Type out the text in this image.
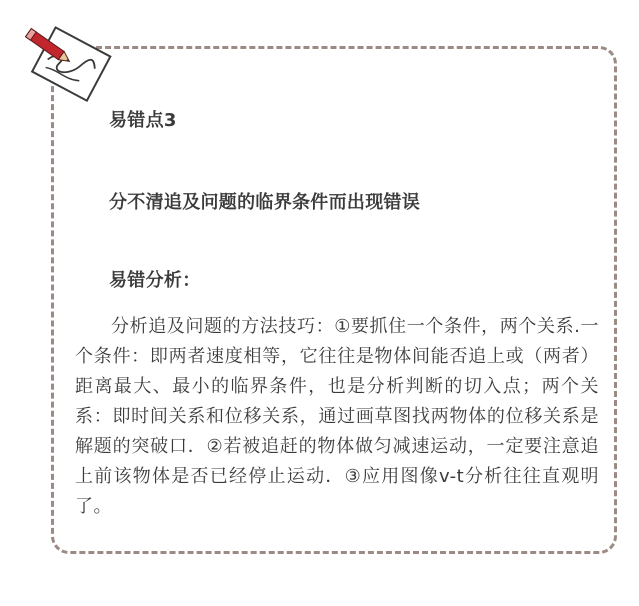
易错点3
分不清追及问题的临界条件而出现错误
易错分析：

分析追及问题的方法技巧：①要抓住一个条件，两个关系.一个条件：即两者速度相等，它往往是物体间能否追上或（两者）距离最大、最小的临界条件，也是分析判断的切入点；两个关系：即时间关系和位移关系，通过画草图找两物体的位移关系是解题的突破口．②若被追赶的物体做匀减速运动，一定要注意追上前该物体是否已经停止运动．③应用图像v-t分析往往直观明了。
